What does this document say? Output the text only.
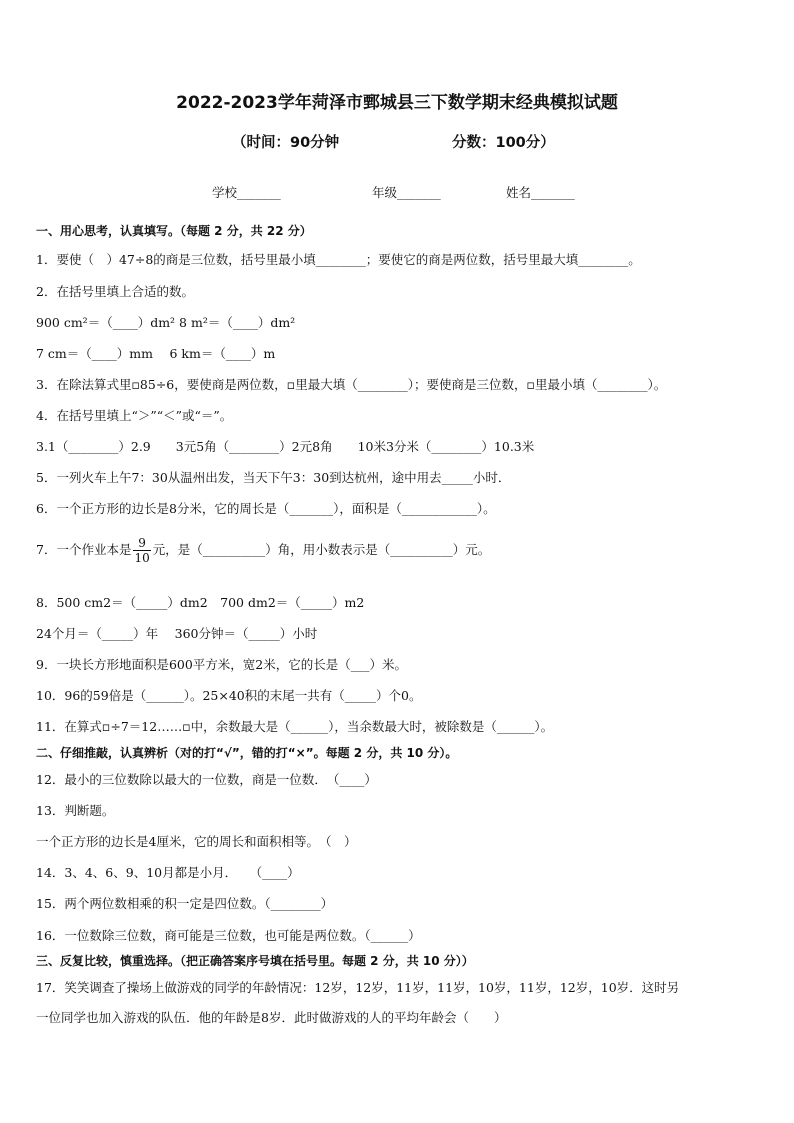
2022-2023学年菏泽市鄄城县三下数学期末经典模拟试题
（时间：90分钟	分数：100分）
学校_______	年级_______	姓名_______
一、用心思考，认真填写。（每题 2 分，共 22 分）
1．要使（　）47÷8的商是三位数，括号里最小填________；要使它的商是两位数，括号里最大填________。
2．在括号里填上合适的数。
900 cm²＝（____）dm² 8 m²＝（____）dm²
7 cm＝（____）mm　 6 km＝（____）m
3．在除法算式里▫85÷6，要使商是两位数，▫里最大填（________）；要使商是三位数，▫里最小填（________）。
4．在括号里填上“＞”“＜”或“＝”。
3.1（________）2.9　　3元5角（________）2元8角　　10米3分米（________）10.3米
5．一列火车上午7：30从温州出发，当天下午3：30到达杭州，途中用去_____小时．
6．一个正方形的边长是8分米，它的周长是（_______），面积是（____________）。
7．一个作业本是 $\frac{9}{10}$ 元，是（__________）角，用小数表示是（__________）元。
8．500 cm2＝（_____）dm2　700 dm2＝（_____）m2
24个月＝（_____）年　 360分钟＝（_____）小时
9．一块长方形地面积是600平方米，宽2米，它的长是（___）米。
10．96的59倍是（______）。25×40积的末尾一共有（_____）个0。
11．在算式▫÷7＝12……▫中，余数最大是（______），当余数最大时，被除数是（______）。
二、仔细推敲，认真辨析（对的打“√”，错的打“×”。每题 2 分，共 10 分）。
12．最小的三位数除以最大的一位数，商是一位数．　（____）
13．判断题。
一个正方形的边长是4厘米，它的周长和面积相等。　（　）
14．3、4、6、9、10月都是小月．　　（____）
15．两个两位数相乘的积一定是四位数。（________）
16．一位数除三位数，商可能是三位数，也可能是两位数。（______）
三、反复比较，慎重选择。（把正确答案序号填在括号里。每题 2 分，共 10 分））
17．笑笑调查了操场上做游戏的同学的年龄情况：12岁，12岁，11岁，11岁，10岁，11岁，12岁，10岁．这时另
一位同学也加入游戏的队伍．他的年龄是8岁．此时做游戏的人的平均年龄会（　　）
